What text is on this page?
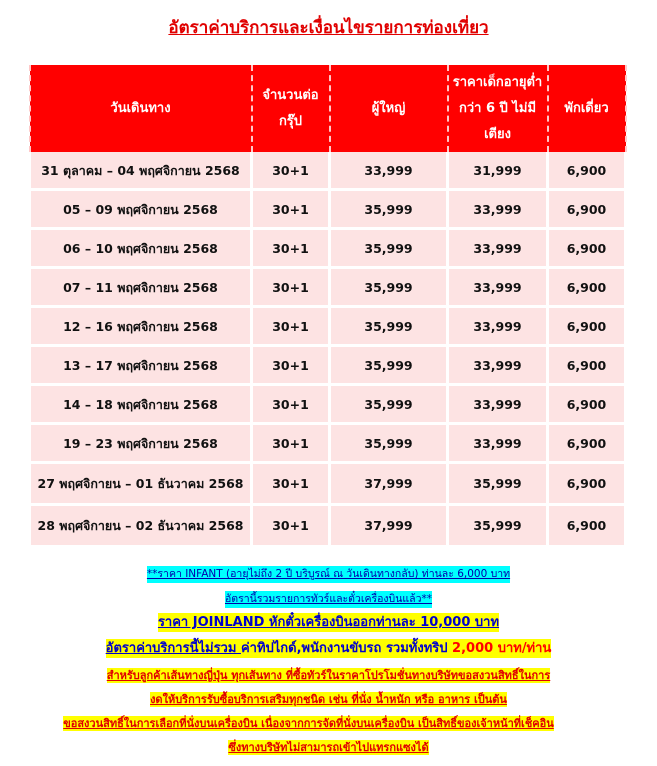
อัตราค่าบริการและเงื่อนไขรายการท่องเที่ยว
วันเดินทาง	จำนวนต่อกรุ๊ป	ผู้ใหญ่	ราคาเด็กอายุต่ำกว่า 6 ปี ไม่มีเตียง	พักเดี่ยว
31 ตุลาคม – 04 พฤศจิกายน 2568	30+1	33,999	31,999	6,900
05 – 09 พฤศจิกายน 2568	30+1	35,999	33,999	6,900
06 – 10 พฤศจิกายน 2568	30+1	35,999	33,999	6,900
07 – 11 พฤศจิกายน 2568	30+1	35,999	33,999	6,900
12 – 16 พฤศจิกายน 2568	30+1	35,999	33,999	6,900
13 – 17 พฤศจิกายน 2568	30+1	35,999	33,999	6,900
14 – 18 พฤศจิกายน 2568	30+1	35,999	33,999	6,900
19 – 23 พฤศจิกายน 2568	30+1	35,999	33,999	6,900
27 พฤศจิกายน – 01 ธันวาคม 2568	30+1	37,999	35,999	6,900
28 พฤศจิกายน – 02 ธันวาคม 2568	30+1	37,999	35,999	6,900
**ราคา INFANT (อายุไม่ถึง 2 ปี บริบูรณ์ ณ วันเดินทางกลับ) ท่านละ 6,000 บาท
อัตรานี้รวมรายการทัวร์และตั๋วเครื่องบินแล้ว**
ราคา JOINLAND หักตั๋วเครื่องบินออกท่านละ 10,000 บาท
อัตราค่าบริการนี้ไม่รวม ค่าทิปไกด์,พนักงานขับรถ รวมทั้งทริป 2,000 บาท/ท่าน
สำหรับลูกค้าเส้นทางญี่ปุ่น ทุกเส้นทาง ที่ซื้อทัวร์ในราคาโปรโมชั่นทางบริษัทขอสงวนสิทธิ์ในการ
งดให้บริการรับซื้อบริการเสริมทุกชนิด เช่น ที่นั่ง น้ำหนัก หรือ อาหาร เป็นต้น
ขอสงวนสิทธิ์ในการเลือกที่นั่งบนเครื่องบิน เนื่องจากการจัดที่นั่งบนเครื่องบิน เป็นสิทธิ์ของเจ้าหน้าที่เช็คอิน
ซึ่งทางบริษัทไม่สามารถเข้าไปแทรกแซงได้
